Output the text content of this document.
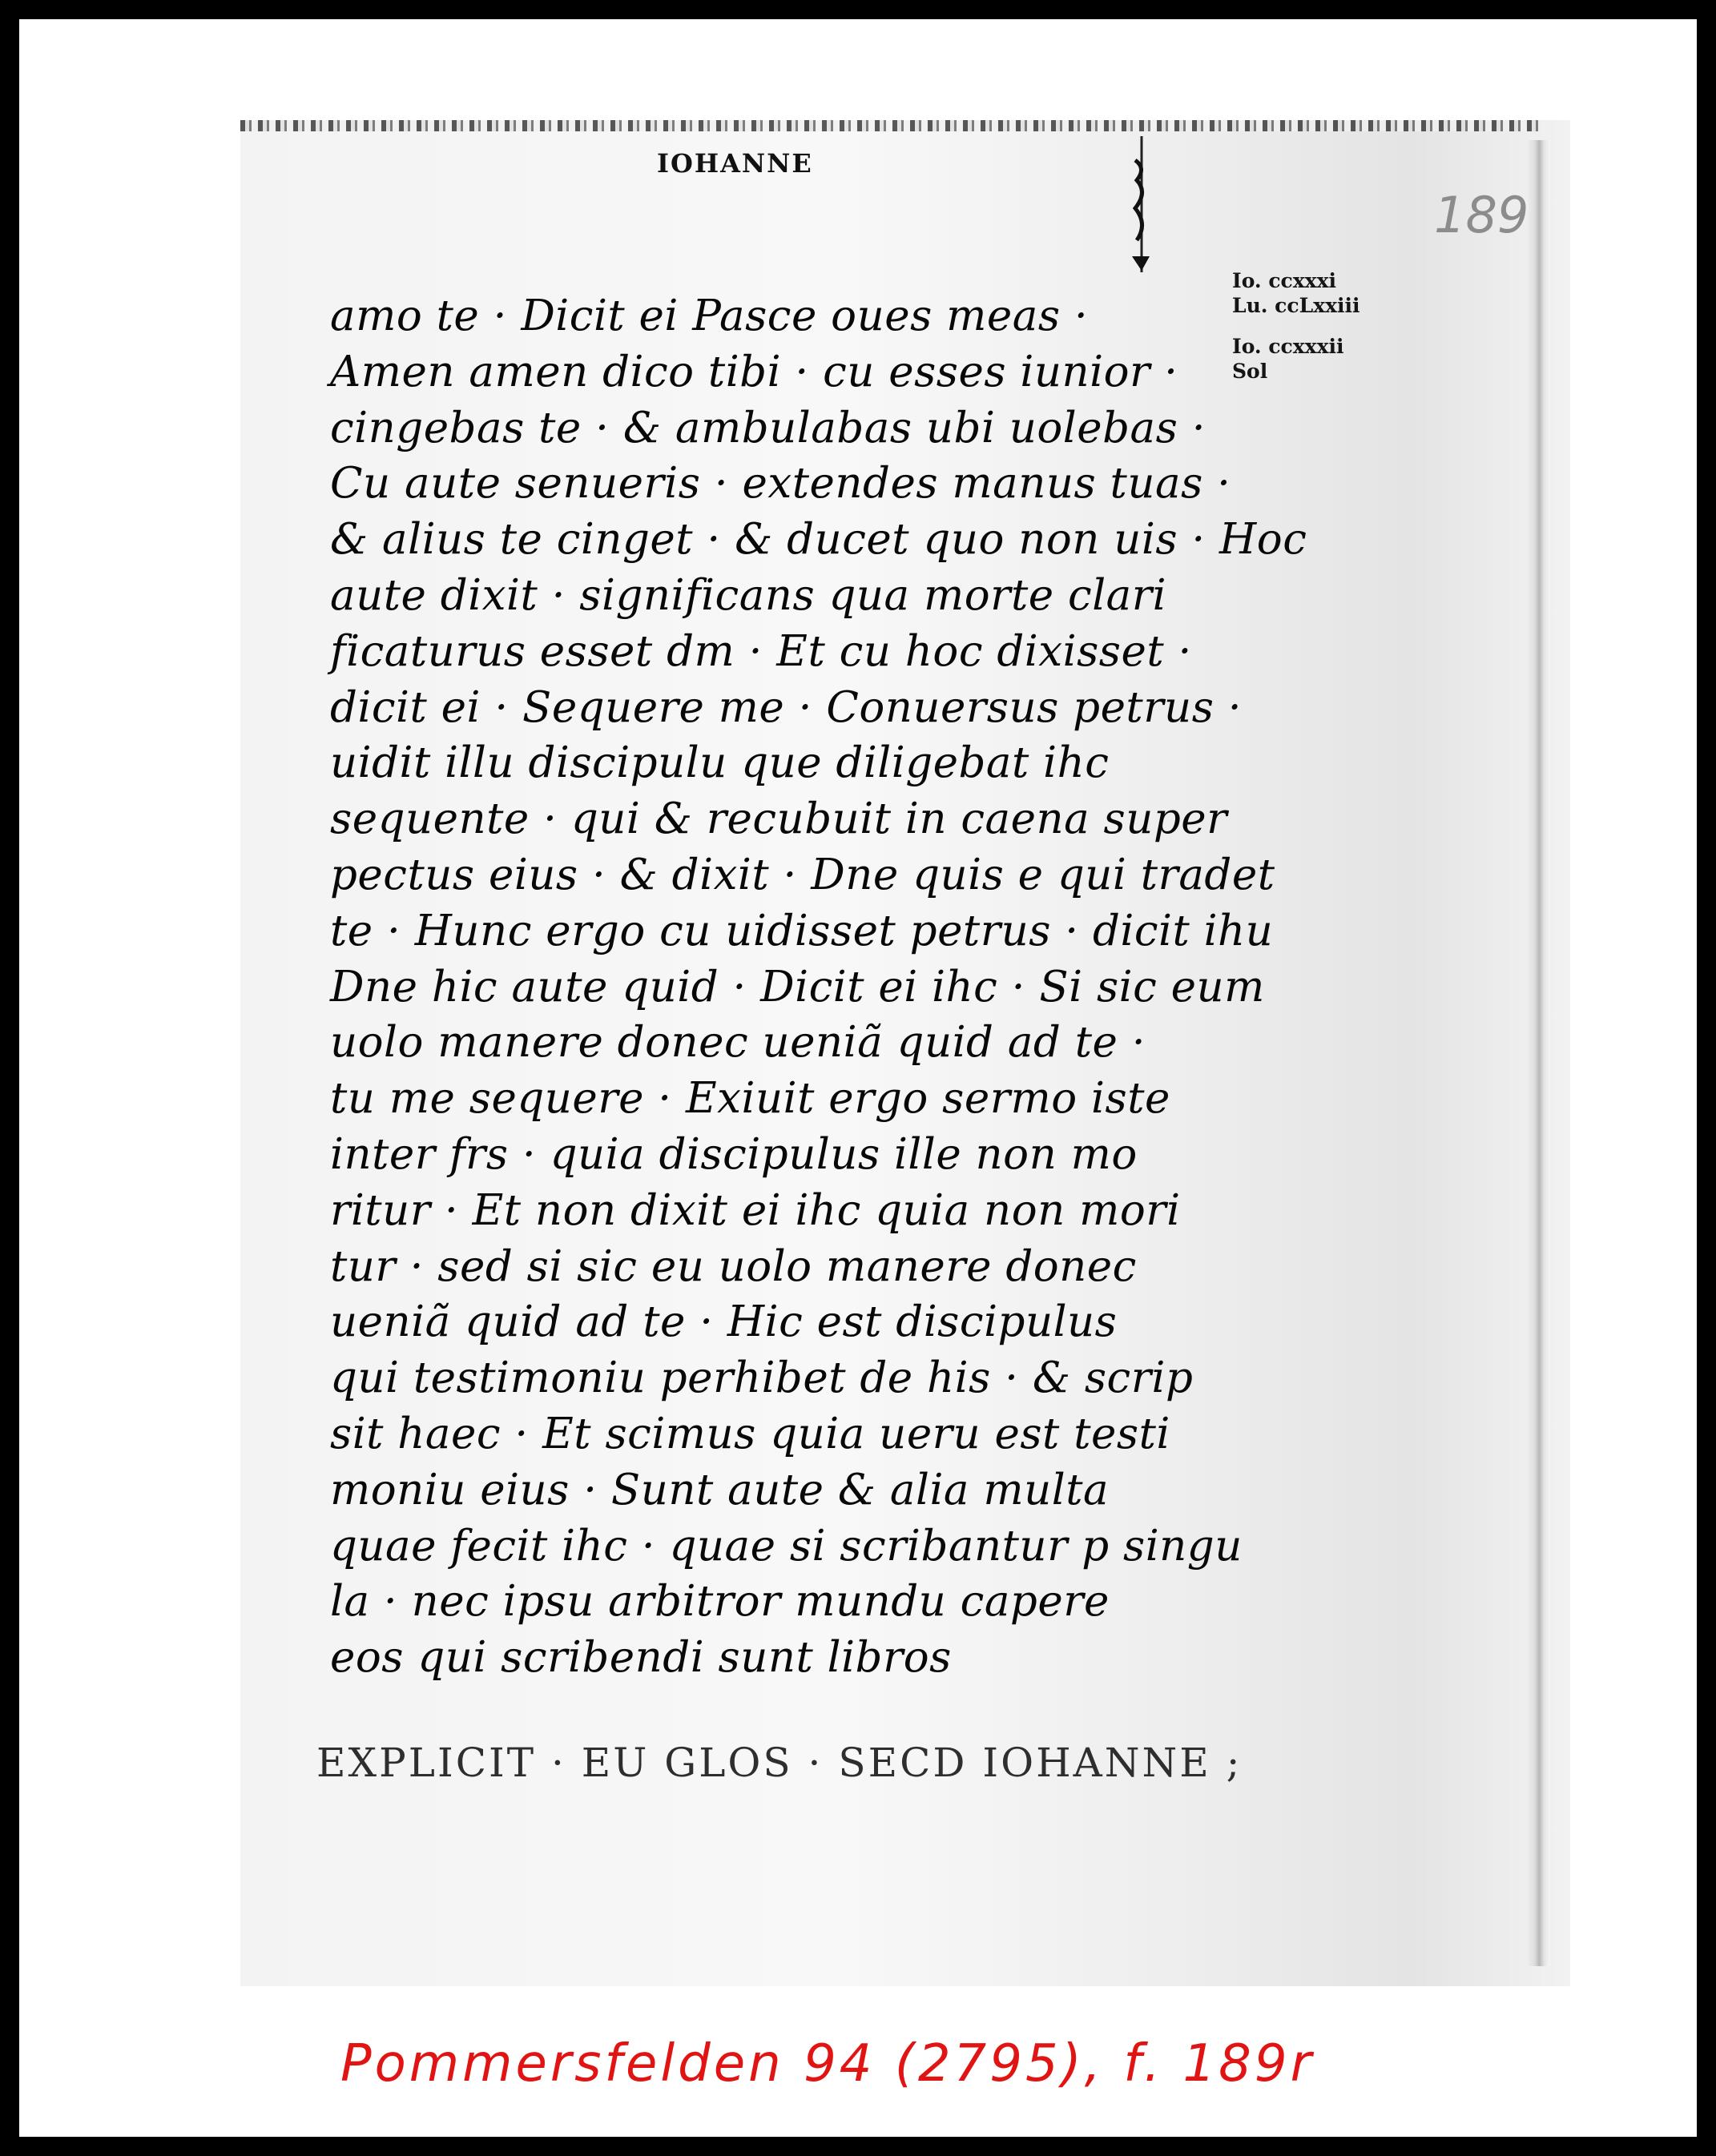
IOHANNE
189
Io. ccxxxi
Lu. ccLxxiii
Io. ccxxxii
Sol
amo te · Dicit ei Pasce oues meas ·
Amen amen dico tibi · cu esses iunior ·
cingebas te · & ambulabas ubi uolebas ·
Cu aute senueris · extendes manus tuas ·
& alius te cinget · & ducet quo non uis · Hoc
aute dixit · significans qua morte clari
ficaturus esset dm · Et cu hoc dixisset ·
dicit ei · Sequere me · Conuersus petrus ·
uidit illu discipulu que diligebat ihc
sequente · qui & recubuit in caena super
pectus eius · & dixit · Dne quis e qui tradet
te · Hunc ergo cu uidisset petrus · dicit ihu
Dne hic aute quid · Dicit ei ihc · Si sic eum
uolo manere donec ueniã quid ad te ·
tu me sequere · Exiuit ergo sermo iste
inter frs · quia discipulus ille non mo
ritur · Et non dixit ei ihc quia non mori
tur · sed si sic eu uolo manere donec
ueniã quid ad te · Hic est discipulus
qui testimoniu perhibet de his · & scrip
sit haec · Et scimus quia ueru est testi
moniu eius · Sunt aute & alia multa
quae fecit ihc · quae si scribantur p singu
la · nec ipsu arbitror mundu capere
eos qui scribendi sunt libros
EXPLICIT · EU GLOS · SECD IOHANNE ;
Pommersfelden 94 (2795), f. 189r
